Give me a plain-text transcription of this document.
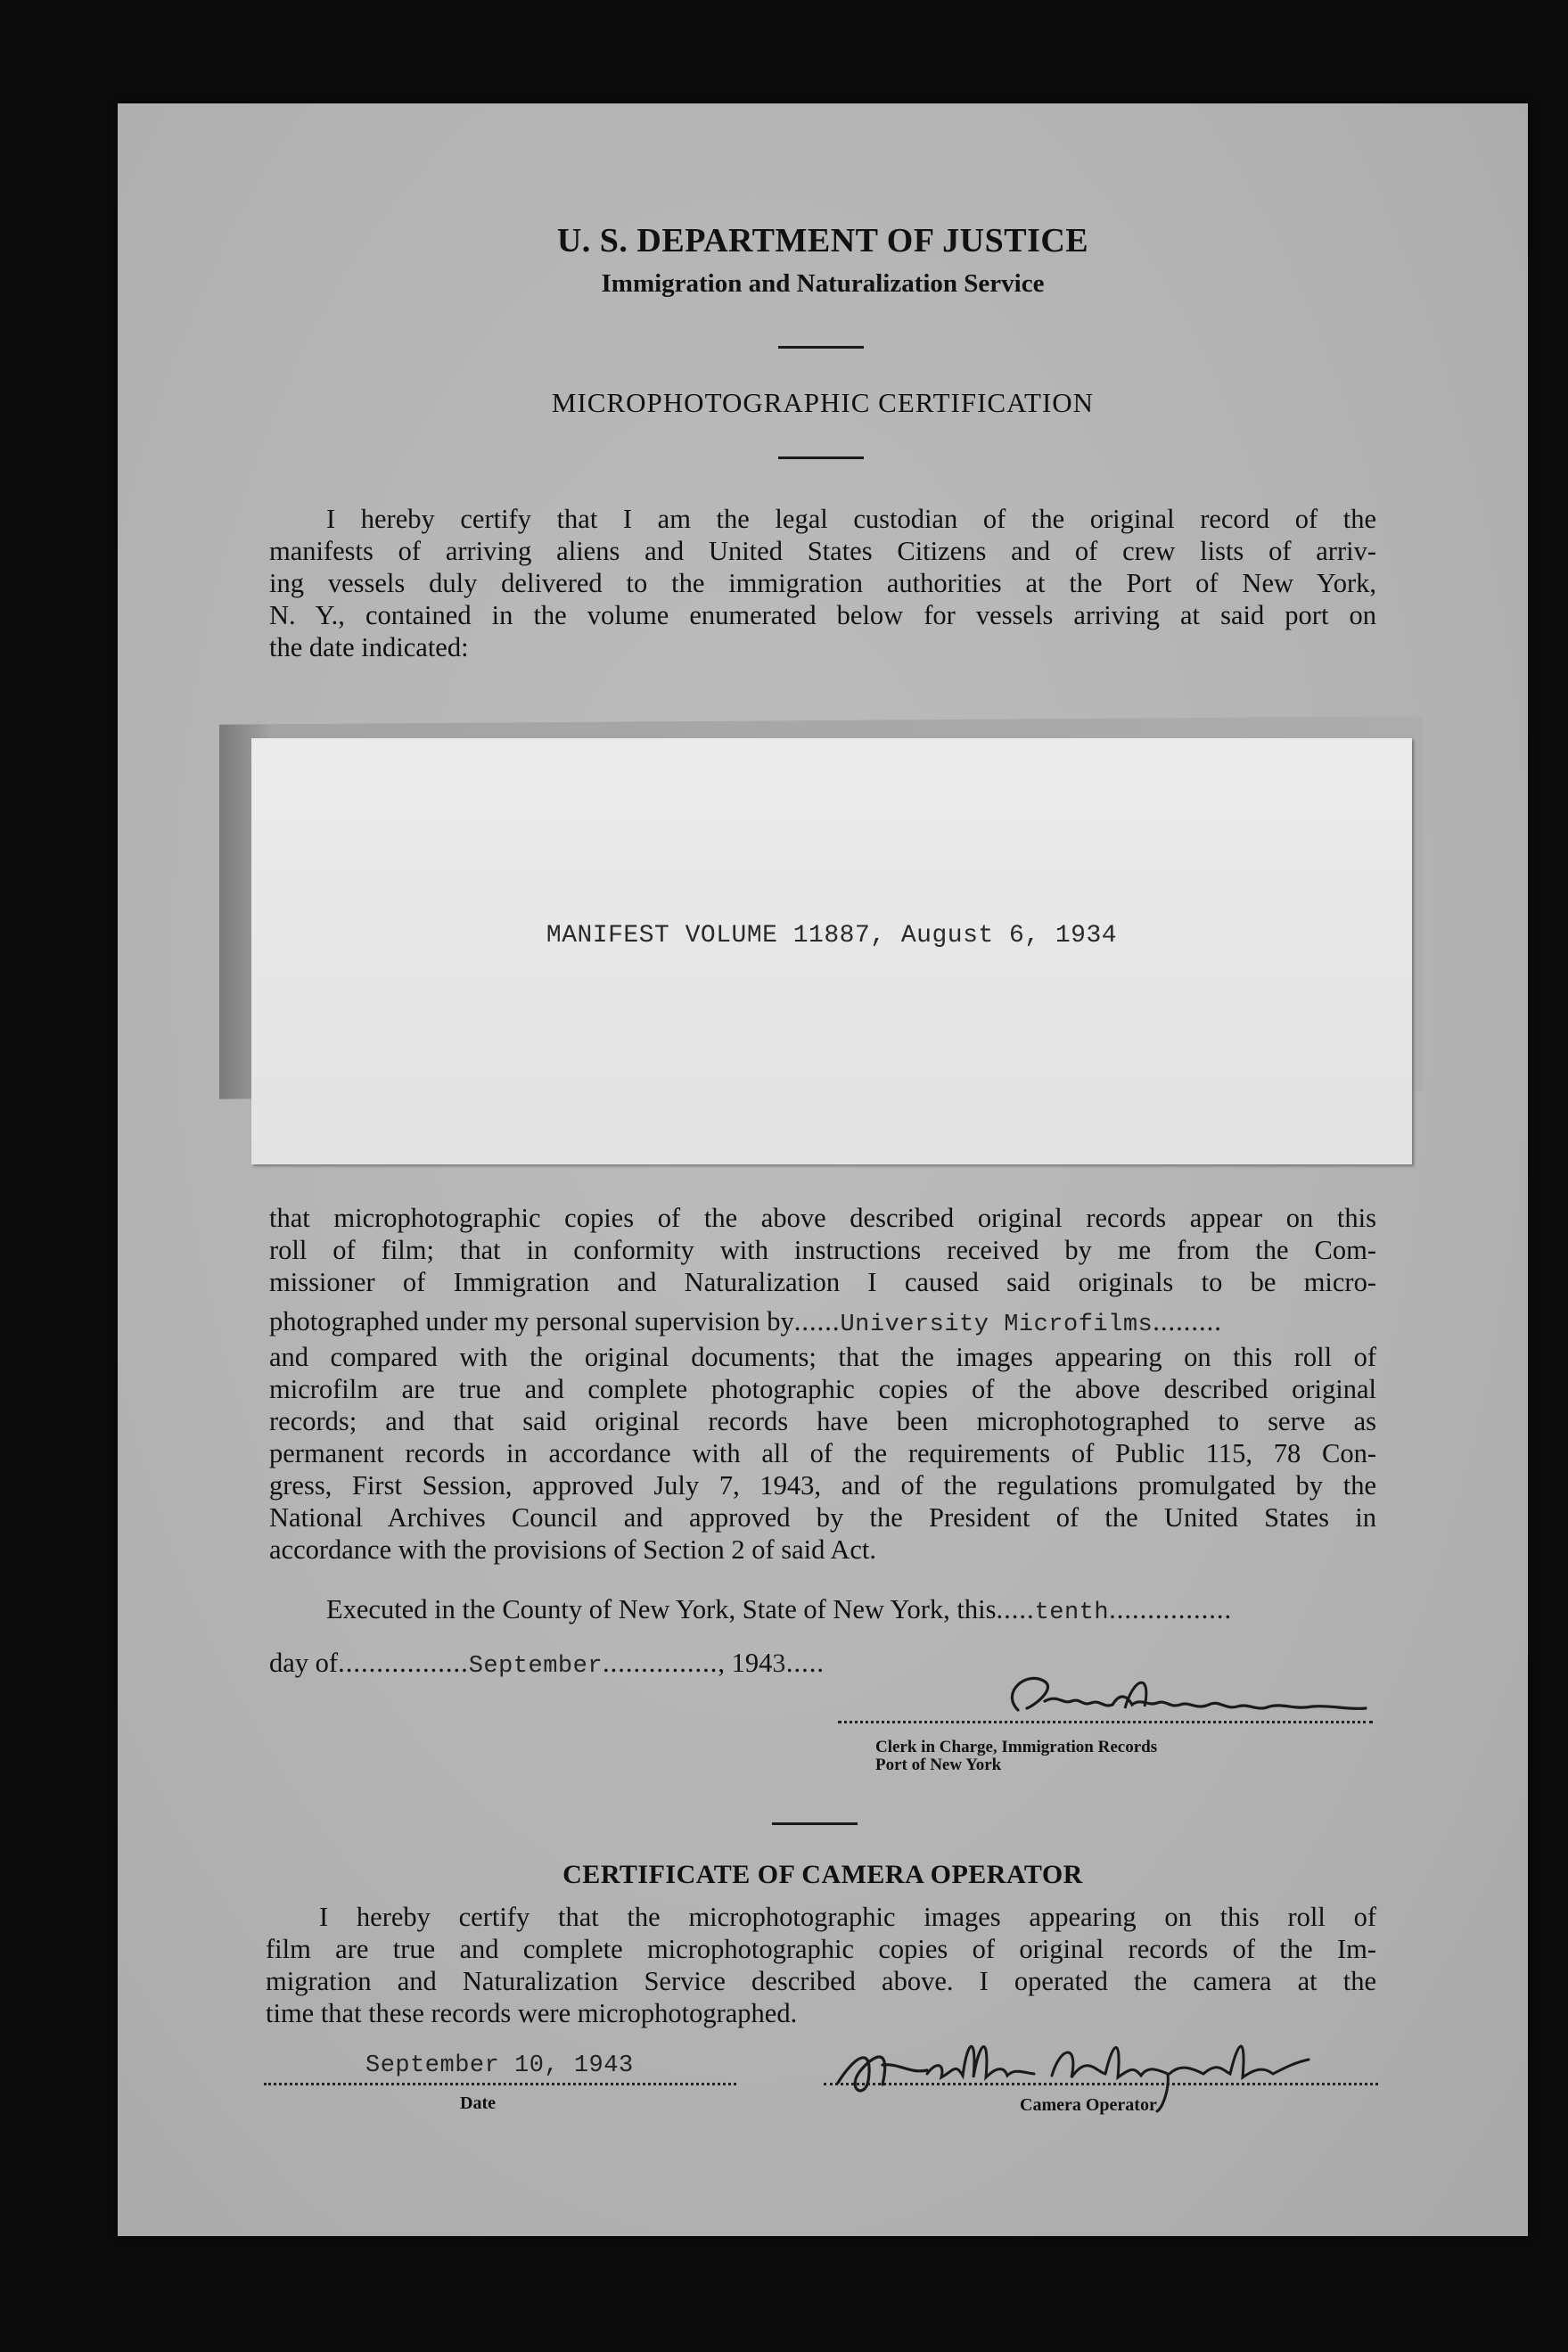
U. S. DEPARTMENT OF JUSTICE
Immigration and Naturalization Service
MICROPHOTOGRAPHIC CERTIFICATION

I hereby certify that I am the legal custodian of the original record of the

manifests of arriving aliens and United States Citizens and of crew lists of arriv-

ing vessels duly delivered to the immigration authorities at the Port of New York,

N. Y., contained in the volume enumerated below for vessels arriving at said port on

the date indicated:

MANIFEST VOLUME 11887, August 6, 1934

that microphotographic copies of the above described original records appear on this

roll of film; that in conformity with instructions received by me from the Com-

missioner of Immigration and Naturalization I caused said originals to be micro-

photographed under my personal supervision by......University Microfilms.........

and compared with the original documents; that the images appearing on this roll of

microfilm are true and complete photographic copies of the above described original

records; and that said original records have been microphotographed to serve as

permanent records in accordance with all of the requirements of Public 115, 78 Con-

gress, First Session, approved July 7, 1943, and of the regulations promulgated by the

National Archives Council and approved by the President of the United States in

accordance with the provisions of Section 2 of said Act.

Executed in the County of New York, State of New York, this.....tenth................
day of.................September..............., 1943.....
Clerk in Charge, Immigration Records
Port of New York
CERTIFICATE OF CAMERA OPERATOR

I hereby certify that the microphotographic images appearing on this roll of

film are true and complete microphotographic copies of original records of the Im-

migration and Naturalization Service described above. I operated the camera at the

time that these records were microphotographed.

September 10, 1943
Date	Camera Operator
